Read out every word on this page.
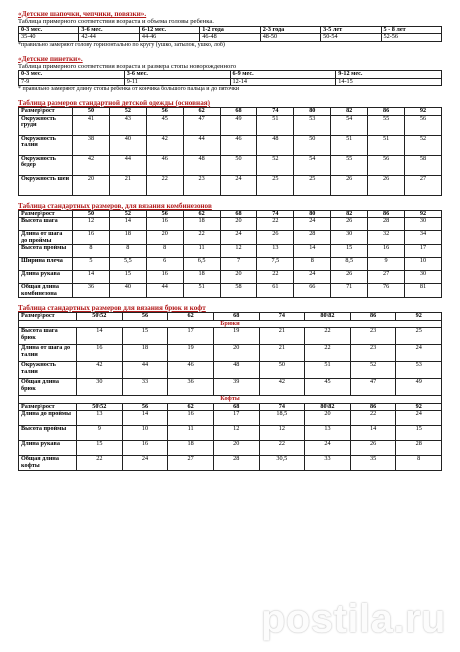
«Детские шапочки, чепчики, повязки».
Таблица примерного соответствия возраста и объема головы ребенка.
0-3 мес.	3-6 мес.	6-12 мес.	1-2 года	2-3 года	3-5 лет	5 - 8 лет
35-40	42-44	44-46	46-48	48-50	50-54	52-56
*правильно замеряют голову горизонтально по кругу (ушко, затылок, ушко, лоб)
«Детские пинетки».
Таблица примерного соответствия возраста и размера стопы новорожденного
0-3 мес.	3-6 мес.	6-9 мес.	9-12 мес.
7-9	9-11	12-14	14-15
* правильно замеряют длину стопы ребенка от кончика большого пальца и до пяточки
Таблица размеров стандартной детской одежды (основная)
Размер\рост	50	52	56	62	68	74	80	82	86	92
Окружность груди	41	43	45	47	49	51	53	54	55	56
Окружность талии	38	40	42	44	46	48	50	51	51	52
Окружность бедер	42	44	46	48	50	52	54	55	56	58
Окружность шеи	20	21	22	23	24	25	25	26	26	27
Таблица стандартных размеров, для вязания комбинезонов
Размер\рост	50	52	56	62	68	74	80	82	86	92
Высота шага	12	14	16	18	20	22	24	26	28	30
Длина от шага до проймы	16	18	20	22	24	26	28	30	32	34
Высота проймы	8	8	8	11	12	13	14	15	16	17
Ширина плеча	5	5,5	6	6,5	7	7,5	8	8,5	9	10
Длина рукава	14	15	16	18	20	22	24	26	27	30
Общая длина комбинезона	36	40	44	51	58	61	66	71	76	81
Таблица стандартных размеров для вязания брюк и кофт
Размер\рост	50\52	56	62	68	74	80\82	86	92
Брюки								
Высота шага брюк	14	15	17	19	21	22	23	25
Длина от шага до талии	16	18	19	20	21	22	23	24
Окружность талии	42	44	46	48	50	51	52	53
Общая длина брюк	30	33	36	39	42	45	47	49
Кофты								
Размер\рост	50\52	56	62	68	74	80\82	86	92
Длина до проймы	13	14	16	17	18,5	20	22	24
Высота проймы	9	10	11	12	12	13	14	15
Длина рукава	15	16	18	20	22	24	26	28
Общая длина кофты	22	24	27	28	30,5	33	35	8
postila.ru
